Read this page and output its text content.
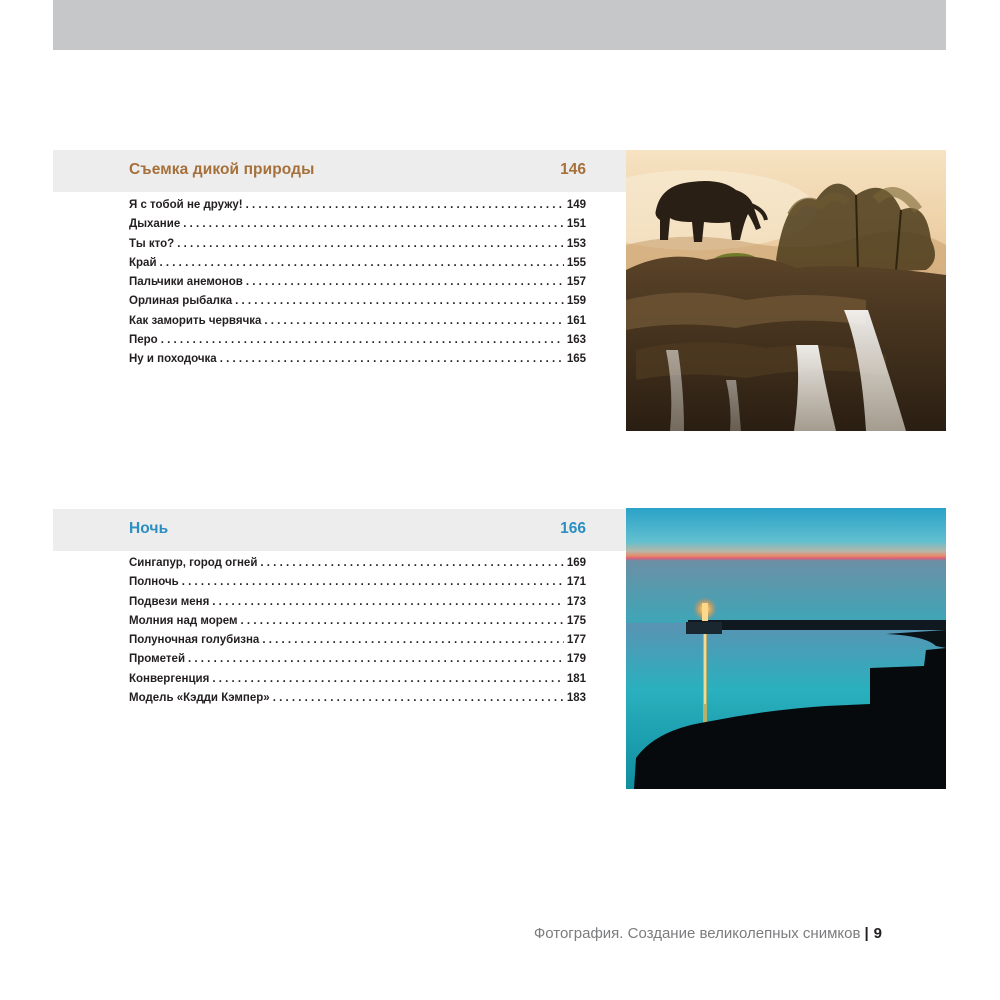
Съемка дикой природы	146
Я с тобой не дружу! . . .	149
Дыхание . . .	151
Ты кто? . . .	153
Край . . .	155
Пальчики анемонов . . .	157
Орлиная рыбалка . . .	159
Как заморить червячка . . .	161
Перо . . .	163
Ну и походочка . . .	165
Ночь	166
Сингапур, город огней . . .	169
Полночь . . .	171
Подвези меня . . .	173
Молния над морем . . .	175
Полуночная голубизна . . .	177
Прометей . . .	179
Конвергенция . . .	181
Модель «Кэдди Кэмпер» . . .	183
Фотография. Создание великолепных снимков | 9
